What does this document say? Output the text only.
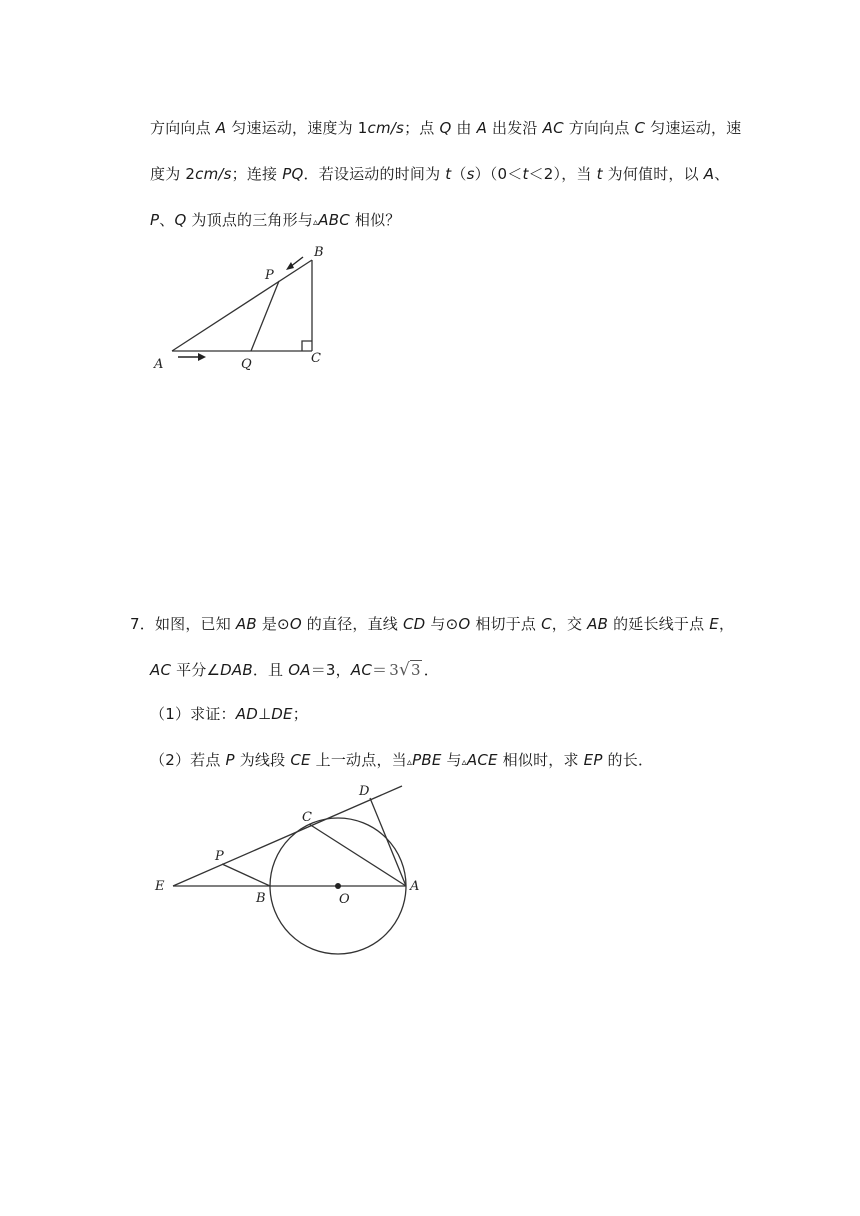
方向向点 A 匀速运动，速度为 1cm/s；点 Q 由 A 出发沿 AC 方向向点 C 匀速运动，速
度为 2cm/s；连接 PQ．若设运动的时间为 t（s）（0＜t＜2），当 t 为何值时，以 A、
P、Q 为顶点的三角形与▵ABC 相似？
A
B
C
P
Q
7．如图，已知 AB 是⊙O 的直径，直线 CD 与⊙O 相切于点 C，交 AB 的延长线于点 E，
AC 平分∠DAB．且 OA＝3，AC＝ 3√3 ．
（1）求证：AD⊥DE；
（2）若点 P 为线段 CE 上一动点，当▵PBE 与▵ACE 相似时，求 EP 的长．
E
B	O
A
P
C
D
